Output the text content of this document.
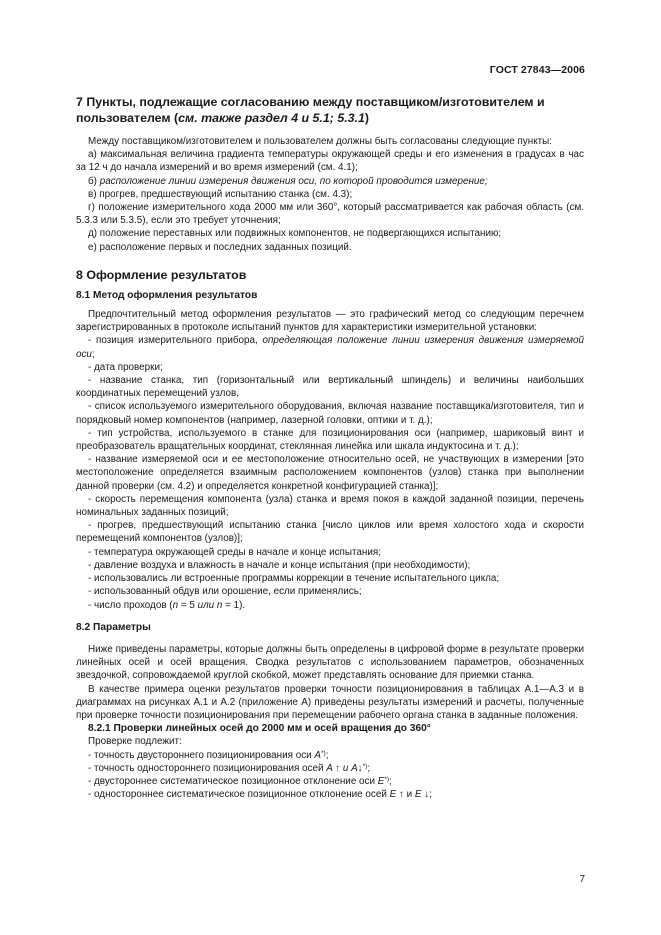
ГОСТ 27843—2006
7 Пункты, подлежащие согласованию между поставщиком/изготовителем и пользователем (см. также раздел 4 и 5.1; 5.3.1)

Между поставщиком/изготовителем и пользователем должны быть согласованы следующие пункты:

а) максимальная величина градиента температуры окружающей среды и его изменения в градусах в час за 12 ч до начала измерений и во время измерений (см. 4.1);

б) расположение линии измерения движения оси, по которой проводится измерение;

в) прогрев, предшествующий испытанию станка (см. 4.3);

г) положение измерительного хода 2000 мм или 360°, который рассматривается как рабочая область (см. 5.3.3 или 5.3.5), если это требует уточнения;

д) положение переставных или подвижных компонентов, не подвергающихся испытанию;

е) расположение первых и последних заданных позиций.

8 Оформление результатов
8.1 Метод оформления результатов

Предпочтительный метод оформления результатов — это графический метод со следующим перечнем зарегистрированных в протоколе испытаний пунктов для характеристики измерительной установки:

- позиция измерительного прибора, определяющая положение линии измерения движения измеряемой оси;

- дата проверки;

- название станка, тип (горизонтальный или вертикальный шпиндель) и величины наибольших координатных перемещений узлов,

- список используемого измерительного оборудования, включая название поставщика/изготовителя, тип и порядковый номер компонентов (например, лазерной головки, оптики и т. д.);

- тип устройства, используемого в станке для позиционирования оси (например, шариковый винт и преобразователь вращательных координат, стеклянная линейка или шкала индуктосина и т. д.);

- название измеряемой оси и ее местоположение относительно осей, не участвующих в измерении [это местоположение определяется взаимным расположением компонентов (узлов) станка при выполнении данной проверки (см. 4.2) и определяется конкретной конфигурацией станка)];

- скорость перемещения компонента (узла) станка и время покоя в каждой заданной позиции, перечень номинальных заданных позиций;

- прогрев, предшествующий испытанию станка [число циклов или время холостого хода и скорости перемещений компонентов (узлов)];

- температура окружающей среды в начале и конце испытания;

- давление воздуха и влажность в начале и конце испытания (при необходимости);

- использовались ли встроенные программы коррекции в течение испытательного цикла;

- использованный обдув или орошение, если применялись;

- число проходов (n = 5 или n = 1).

8.2 Параметры

Ниже приведены параметры, которые должны быть определены в цифровой форме в результате проверки линейных осей и осей вращения. Сводка результатов с использованием параметров, обозначенных звездочкой, сопровождаемой круглой скобкой, может представлять основание для приемки станка.

В качестве примера оценки результатов проверки точности позиционирования в таблицах А.1—А.3 и в диаграммах на рисунках А.1 и А.2 (приложение А) приведены результаты измерений и расчеты, полученные при проверке точности позиционирования при перемещении рабочего органа станка в заданные положения.

8.2.1 Проверки линейных осей до 2000 мм и осей вращения до 360°

Проверке подлежит:

- точность двустороннего позиционирования оси A*);

- точность одностороннего позиционирования осей A ↑ и A↓*);

- двустороннее систематическое позиционное отклонение оси E*);

- одностороннее систематическое позиционное отклонение осей E ↑ и E ↓;

7
